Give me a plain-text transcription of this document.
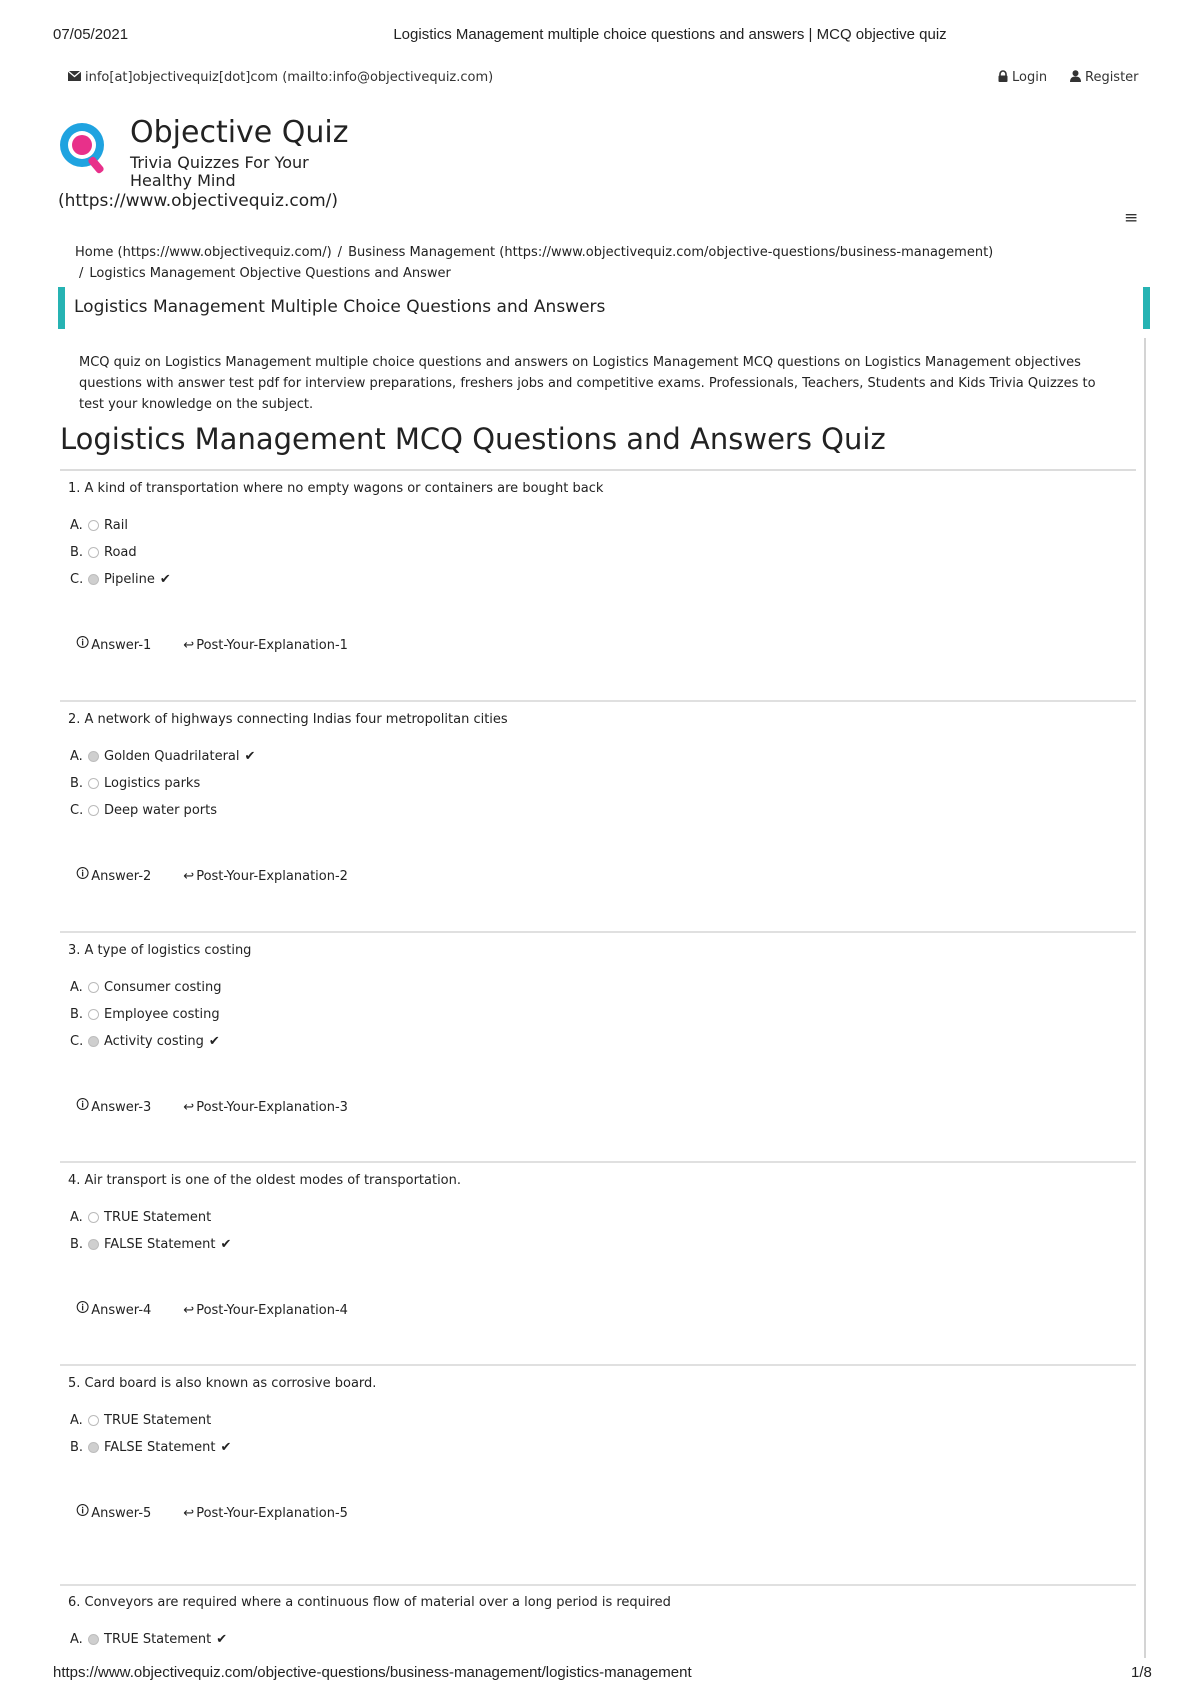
07/05/2021	Logistics Management multiple choice questions and answers | MCQ objective quiz
info[at]objectivequiz[dot]com (mailto:info@objectivequiz.com)	Login	Register
Objective Quiz
Trivia Quizzes For Your Healthy Mind
(https://www.objectivequiz.com/)
≡
Home (https://www.objectivequiz.com/) / Business Management (https://www.objectivequiz.com/objective-questions/business-management)
/ Logistics Management Objective Questions and Answer
Logistics Management Multiple Choice Questions and Answers
MCQ quiz on Logistics Management multiple choice questions and answers on Logistics Management MCQ questions on Logistics Management objectives questions with answer test pdf for interview preparations, freshers jobs and competitive exams. Professionals, Teachers, Students and Kids Trivia Quizzes to test your knowledge on the subject.
Logistics Management MCQ Questions and Answers Quiz
1. A kind of transportation where no empty wagons or containers are bought back
A. Rail
B. Road
C. Pipeline ✔
🛈 Answer-1 ↩ Post-Your-Explanation-1
2. A network of highways connecting Indias four metropolitan cities
A. Golden Quadrilateral ✔
B. Logistics parks
C. Deep water ports
🛈 Answer-2 ↩ Post-Your-Explanation-2
3. A type of logistics costing
A. Consumer costing
B. Employee costing
C. Activity costing ✔
🛈 Answer-3 ↩ Post-Your-Explanation-3
4. Air transport is one of the oldest modes of transportation.
A. TRUE Statement
B. FALSE Statement ✔
🛈 Answer-4 ↩ Post-Your-Explanation-4
5. Card board is also known as corrosive board.
A. TRUE Statement
B. FALSE Statement ✔
🛈 Answer-5 ↩ Post-Your-Explanation-5
6. Conveyors are required where a continuous flow of material over a long period is required
A. TRUE Statement ✔
https://www.objectivequiz.com/objective-questions/business-management/logistics-management	1/8
